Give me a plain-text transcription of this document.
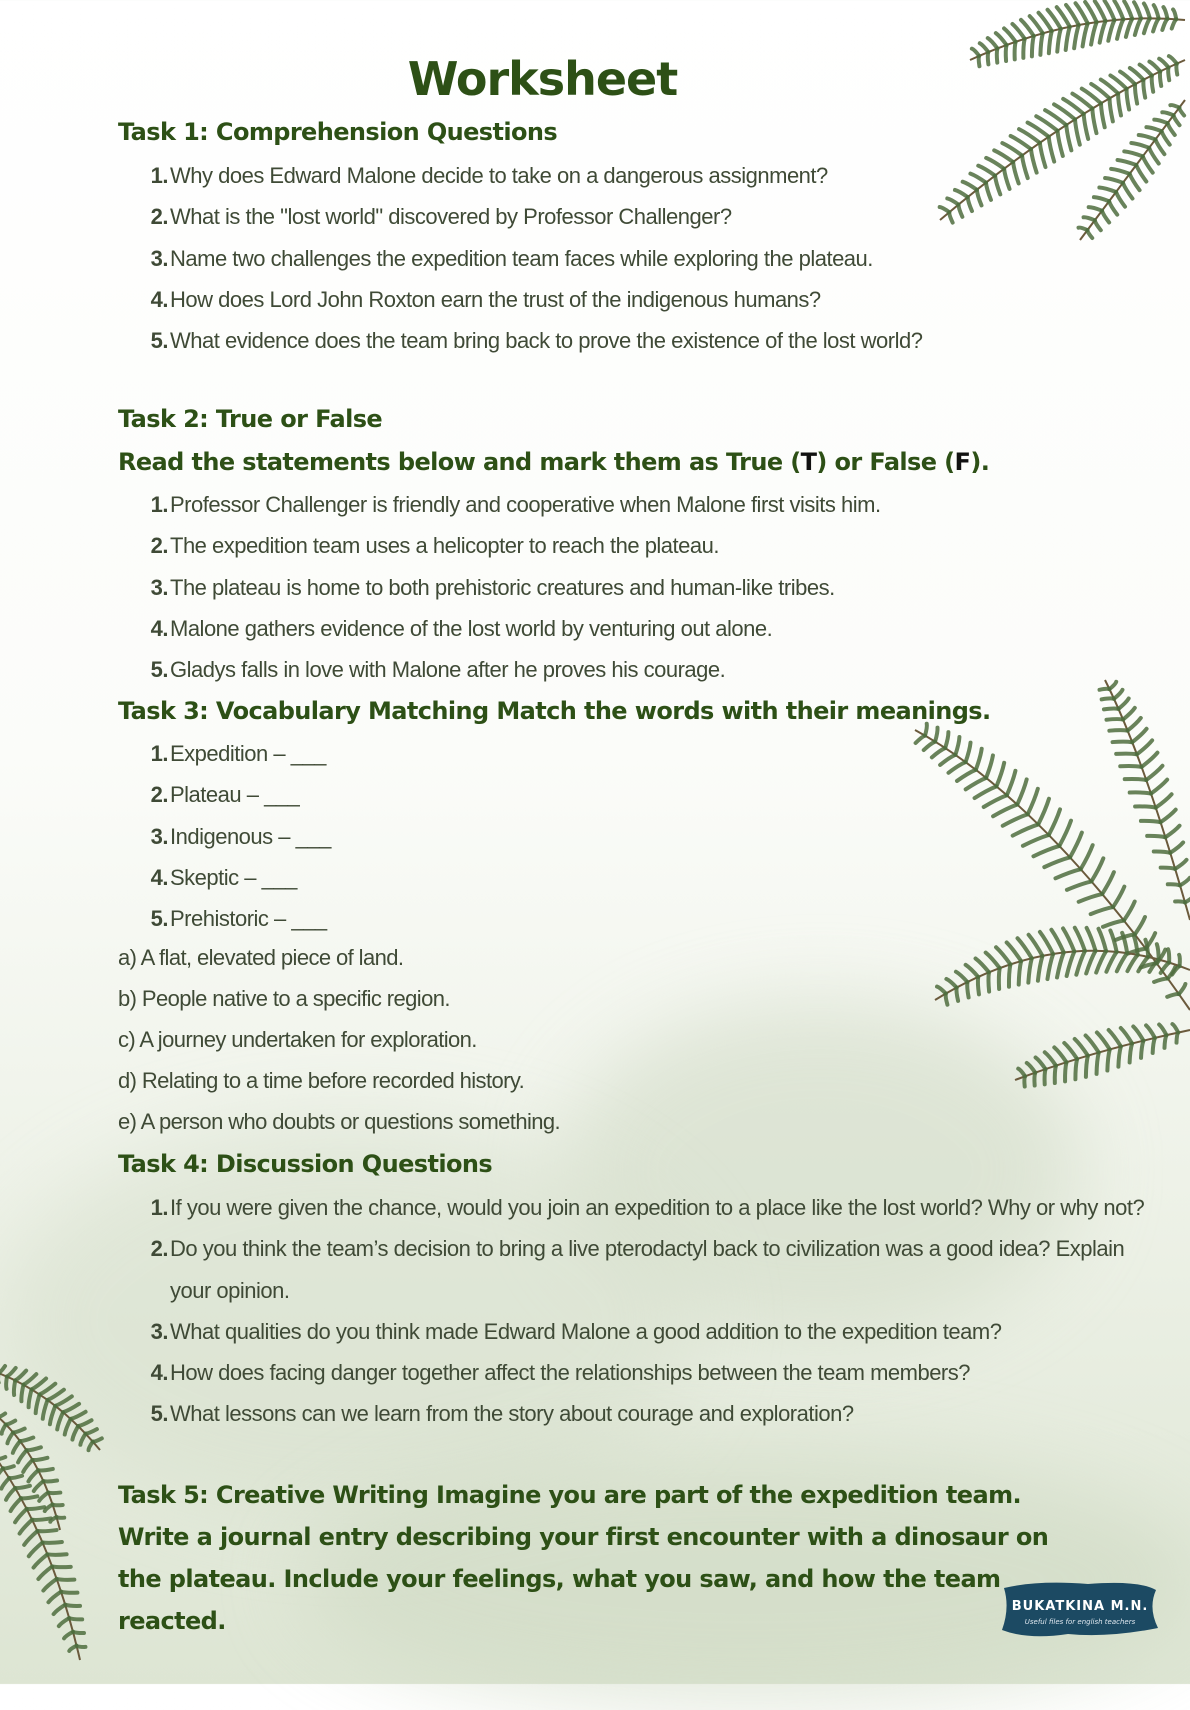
Worksheet
Task 1: Comprehension Questions
1. Why does Edward Malone decide to take on a dangerous assignment?
2. What is the "lost world" discovered by Professor Challenger?
3. Name two challenges the expedition team faces while exploring the plateau.
4. How does Lord John Roxton earn the trust of the indigenous humans?
5. What evidence does the team bring back to prove the existence of the lost world?
Task 2: True or False
Read the statements below and mark them as True (T) or False (F).
1. Professor Challenger is friendly and cooperative when Malone first visits him.
2. The expedition team uses a helicopter to reach the plateau.
3. The plateau is home to both prehistoric creatures and human-like tribes.
4. Malone gathers evidence of the lost world by venturing out alone.
5. Gladys falls in love with Malone after he proves his courage.
Task 3: Vocabulary Matching Match the words with their meanings.
1. Expedition – ___
2. Plateau – ___
3. Indigenous – ___
4. Skeptic – ___
5. Prehistoric – ___
a) A flat, elevated piece of land.
b) People native to a specific region.
c) A journey undertaken for exploration.
d) Relating to a time before recorded history.
e) A person who doubts or questions something.
Task 4: Discussion Questions
1. If you were given the chance, would you join an expedition to a place like the lost world? Why or why not?
2. Do you think the team’s decision to bring a live pterodactyl back to civilization was a good idea? Explain
your opinion.
3. What qualities do you think made Edward Malone a good addition to the expedition team?
4. How does facing danger together affect the relationships between the team members?
5. What lessons can we learn from the story about courage and exploration?
Task 5: Creative Writing Imagine you are part of the expedition team. Write a journal entry describing your first encounter with a dinosaur on the plateau. Include your feelings, what you saw, and how the team reacted.
BUKATKINA M.N.
Useful files for english teachers
